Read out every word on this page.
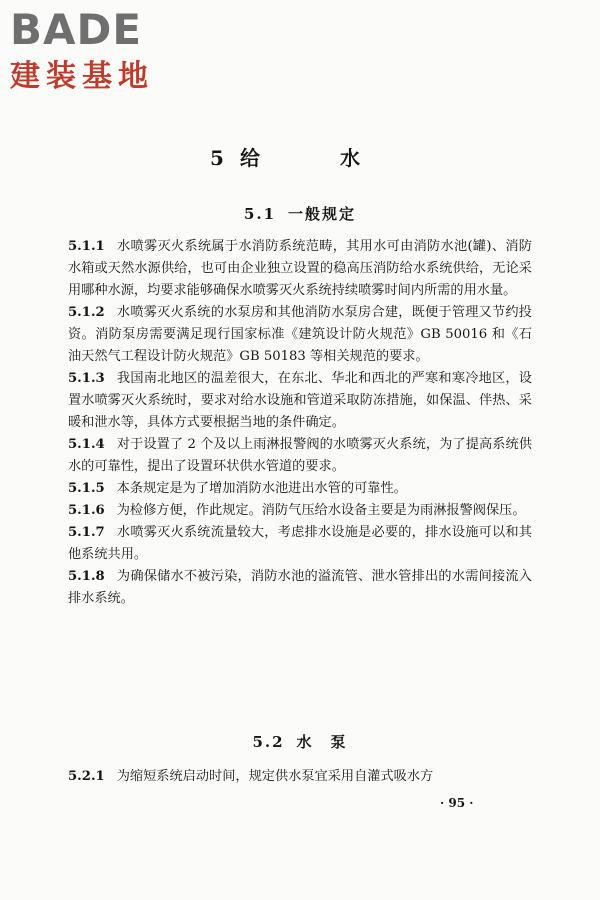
BADE
建装基地
5 给　水
5.1 一般规定

5.1.1 水喷雾灭火系统属于水消防系统范畴，其用水可由消防水池(罐)、消防水箱或天然水源供给，也可由企业独立设置的稳高压消防给水系统供给，无论采用哪种水源，均要求能够确保水喷雾灭火系统持续喷雾时间内所需的用水量。

5.1.2 水喷雾灭火系统的水泵房和其他消防水泵房合建，既便于管理又节约投资。消防泵房需要满足现行国家标准《建筑设计防火规范》GB 50016 和《石油天然气工程设计防火规范》GB 50183 等相关规范的要求。

5.1.3 我国南北地区的温差很大，在东北、华北和西北的严寒和寒冷地区，设置水喷雾灭火系统时，要求对给水设施和管道采取防冻措施，如保温、伴热、采暖和泄水等，具体方式要根据当地的条件确定。

5.1.4 对于设置了 2 个及以上雨淋报警阀的水喷雾灭火系统，为了提高系统供水的可靠性，提出了设置环状供水管道的要求。

5.1.5 本条规定是为了增加消防水池进出水管的可靠性。

5.1.6 为检修方便，作此规定。消防气压给水设备主要是为雨淋报警阀保压。

5.1.7 水喷雾灭火系统流量较大，考虑排水设施是必要的，排水设施可以和其他系统共用。

5.1.8 为确保储水不被污染，消防水池的溢流管、泄水管排出的水需间接流入排水系统。

5.2 水　泵

5.2.1 为缩短系统启动时间，规定供水泵宜采用自灌式吸水方

· 95 ·
